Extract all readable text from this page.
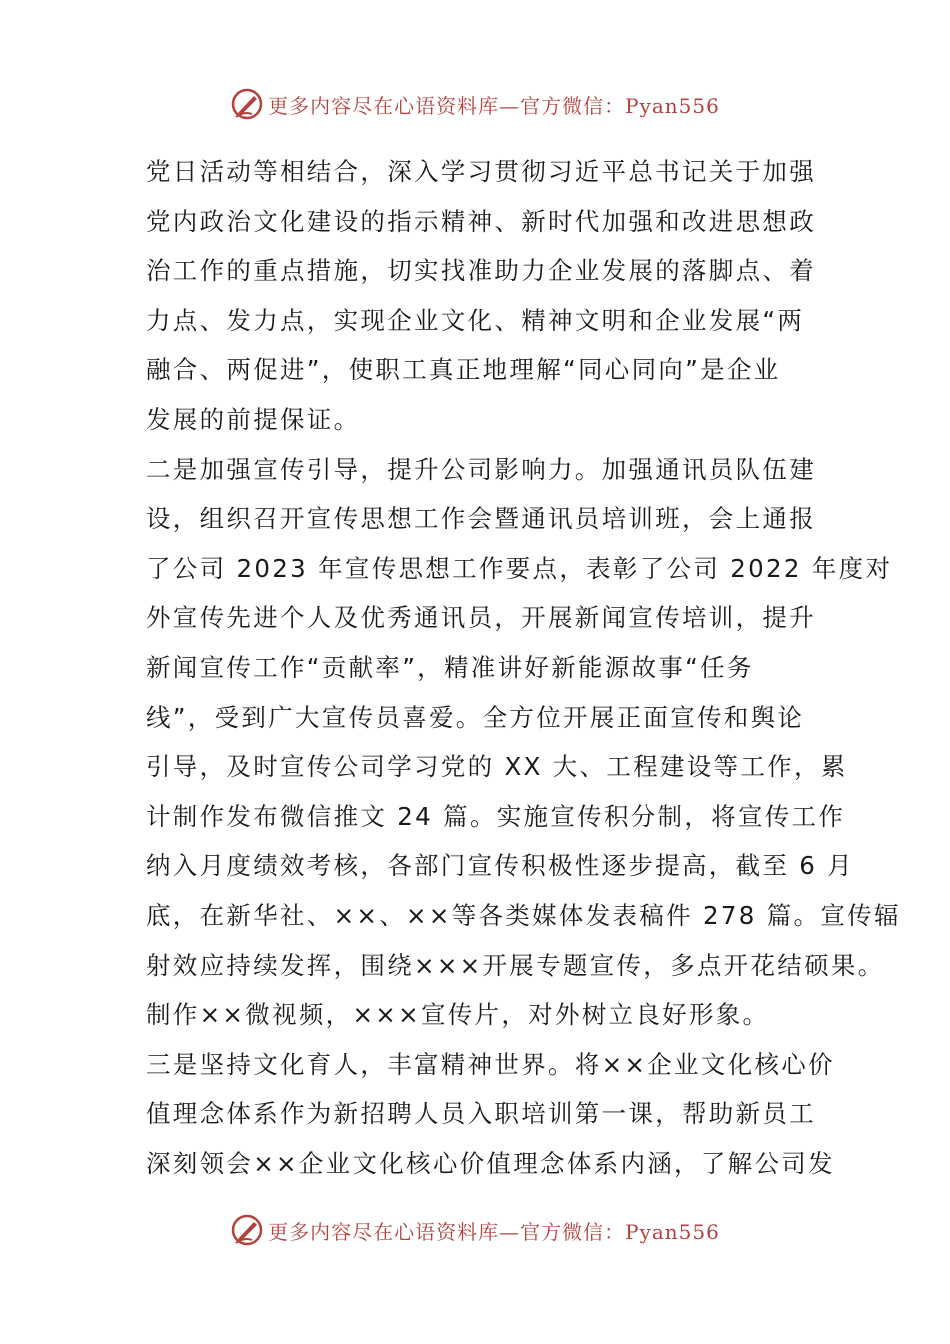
更多内容尽在心语资料库—官方微信：Pyan556
党日活动等相结合，深入学习贯彻习近平总书记关于加强
党内政治文化建设的指示精神、新时代加强和改进思想政
治工作的重点措施，切实找准助力企业发展的落脚点、着
力点、发力点，实现企业文化、精神文明和企业发展“两
融合、两促进”，使职工真正地理解“同心同向”是企业
发展的前提保证。
二是加强宣传引导，提升公司影响力。加强通讯员队伍建
设，组织召开宣传思想工作会暨通讯员培训班，会上通报
了公司 2023 年宣传思想工作要点，表彰了公司 2022 年度对
外宣传先进个人及优秀通讯员，开展新闻宣传培训，提升
新闻宣传工作“贡献率”，精准讲好新能源故事“任务
线”，受到广大宣传员喜爱。全方位开展正面宣传和舆论
引导，及时宣传公司学习党的 XX 大、工程建设等工作，累
计制作发布微信推文 24 篇。实施宣传积分制，将宣传工作
纳入月度绩效考核，各部门宣传积极性逐步提高，截至 6 月
底，在新华社、××、××等各类媒体发表稿件 278 篇。宣传辐
射效应持续发挥，围绕×××开展专题宣传，多点开花结硕果。
制作××微视频，×××宣传片，对外树立良好形象。
三是坚持文化育人，丰富精神世界。将××企业文化核心价
值理念体系作为新招聘人员入职培训第一课，帮助新员工
深刻领会××企业文化核心价值理念体系内涵，了解公司发
更多内容尽在心语资料库—官方微信：Pyan556
